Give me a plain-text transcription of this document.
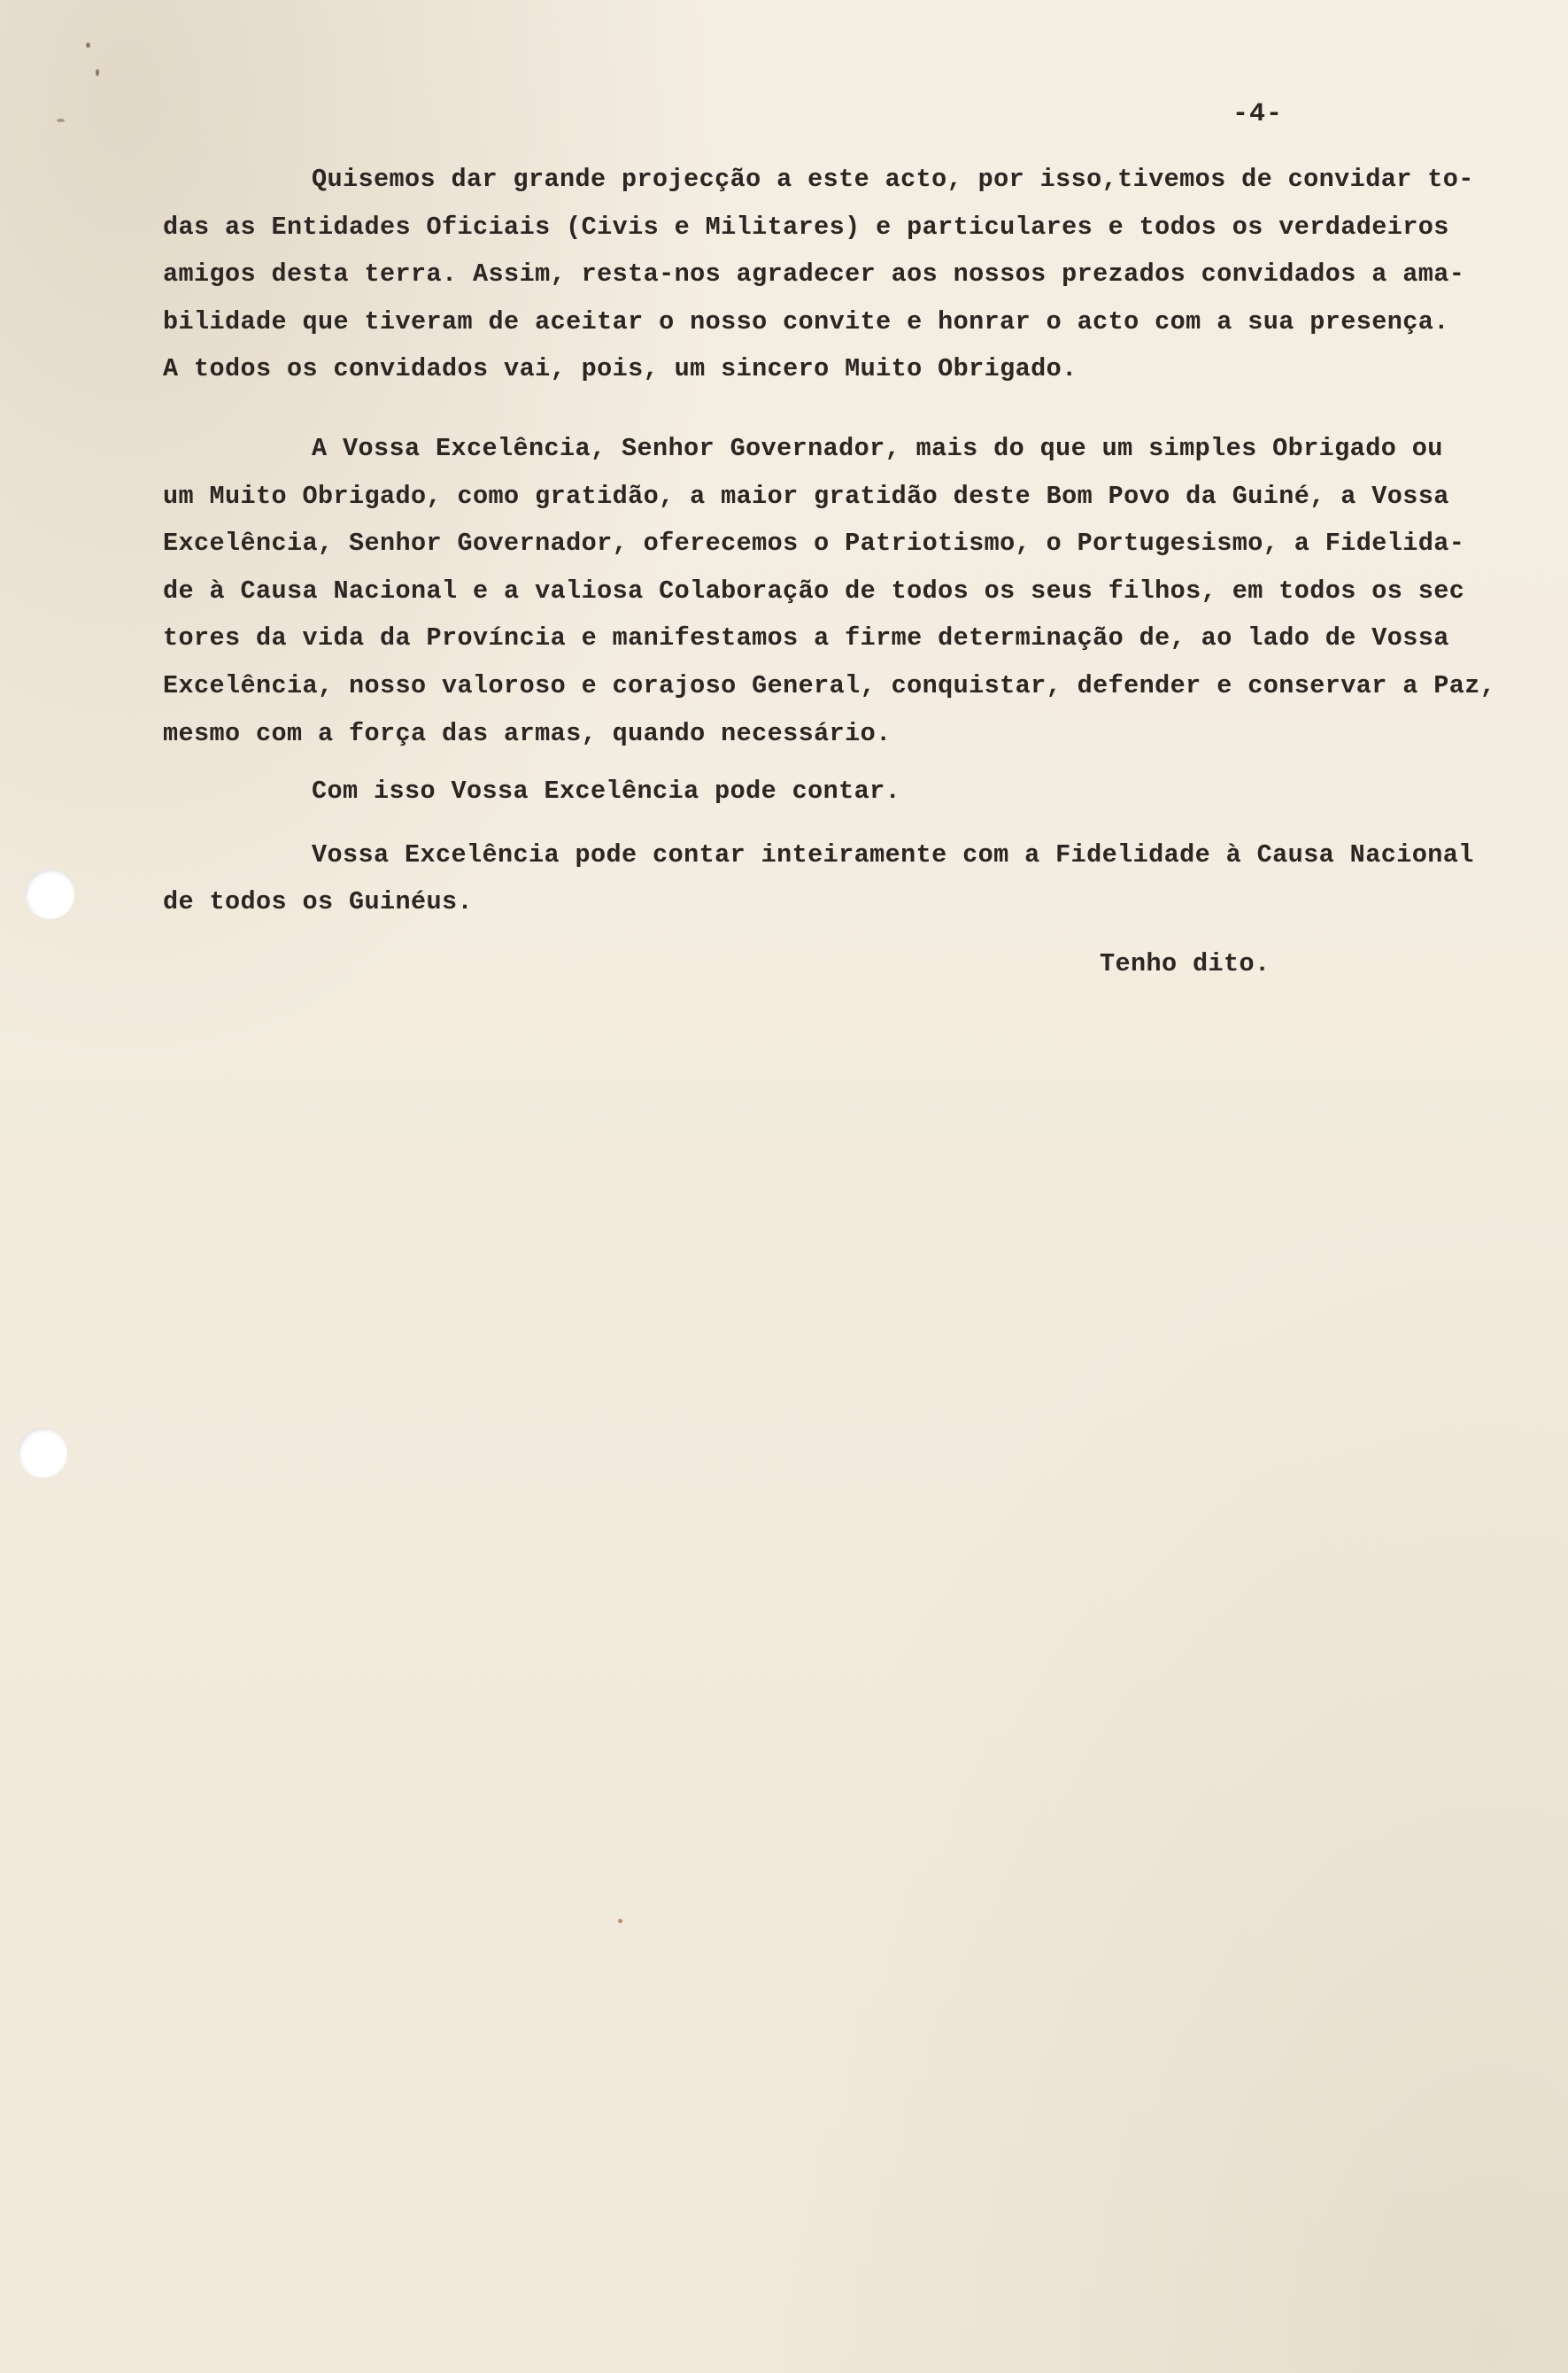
-4-
Quisemos dar grande projecção a este acto, por isso,tivemos de convidar to-
das as Entidades Oficiais (Civis e Militares) e particulares e todos os verdadeiros
amigos desta terra. Assim, resta-nos agradecer aos nossos prezados convidados a ama-
bilidade que tiveram de aceitar o nosso convite e honrar o acto com a sua presença.
A todos os convidados vai, pois, um sincero Muito Obrigado.
A Vossa Excelência, Senhor Governador, mais do que um simples Obrigado ou
um Muito Obrigado, como gratidão, a maior gratidão deste Bom Povo da Guiné, a Vossa
Excelência, Senhor Governador, oferecemos o Patriotismo, o Portugesismo, a Fidelida-
de à Causa Nacional e a valiosa Colaboração de todos os seus filhos, em todos os sec
tores da vida da Província e manifestamos a firme determinação de, ao lado de Vossa
Excelência, nosso valoroso e corajoso General, conquistar, defender e conservar a Paz,
mesmo com a força das armas, quando necessário.
Com isso Vossa Excelência pode contar.
Vossa Excelência pode contar inteiramente com a Fidelidade à Causa Nacional
de todos os Guinéus.
Tenho dito.
